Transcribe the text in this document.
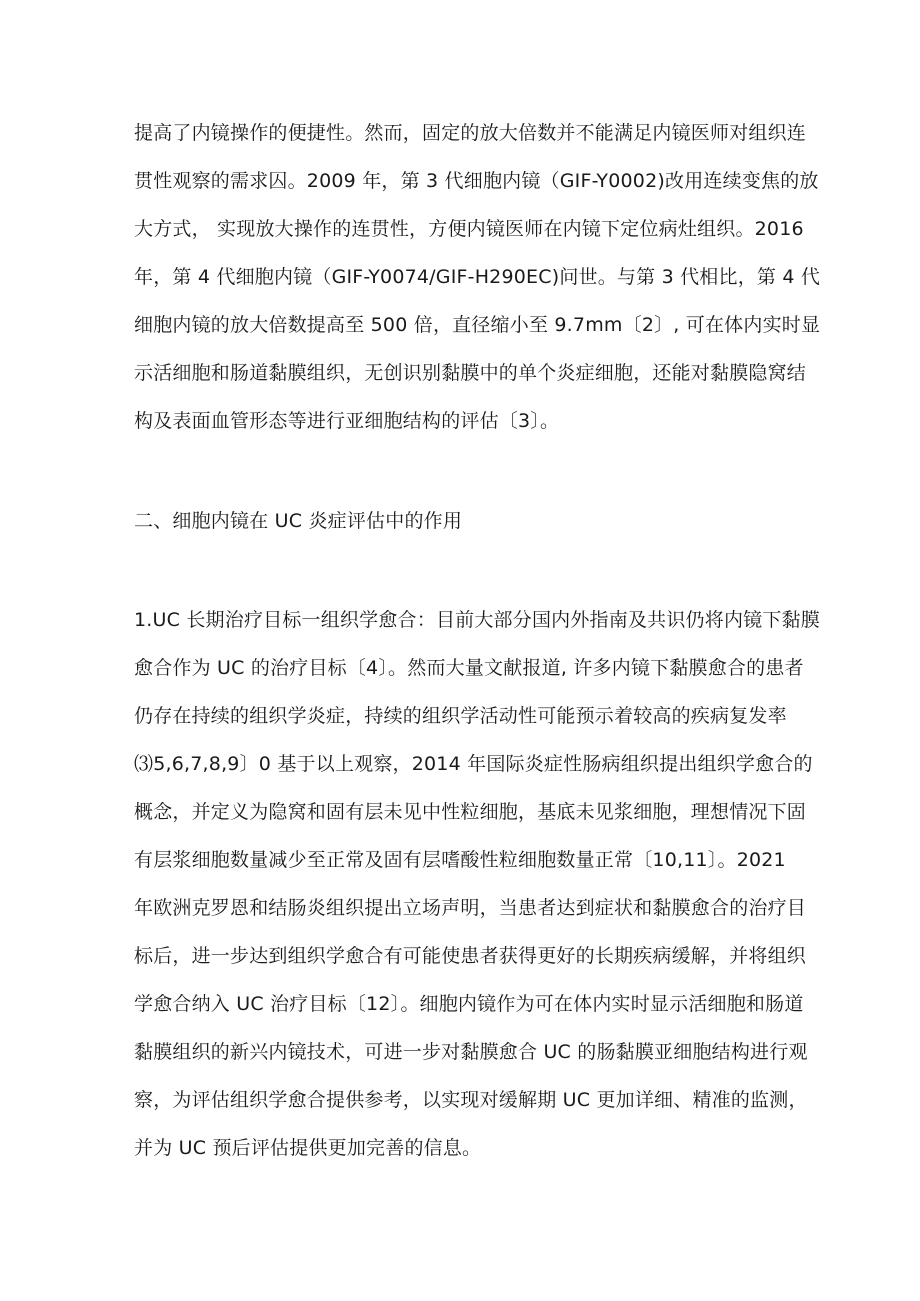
提高了内镜操作的便捷性。然而，固定的放大倍数并不能满足内镜医师对组织连
贯性观察的需求囚。2009 年，第 3 代细胞内镜（GIF-Y0002)改用连续变焦的放
大方式， 实现放大操作的连贯性，方便内镜医师在内镜下定位病灶组织。2016
年，第 4 代细胞内镜（GIF-Y0074/GIF-H290EC)问世。与第 3 代相比，第 4 代
细胞内镜的放大倍数提高至 500 倍，直径缩小至 9.7mm〔2〕, 可在体内实时显
示活细胞和肠道黏膜组织，无创识别黏膜中的单个炎症细胞，还能对黏膜隐窝结
构及表面血管形态等进行亚细胞结构的评估〔3〕。
二、细胞内镜在 UC 炎症评估中的作用
1.UC 长期治疗目标一组织学愈合：目前大部分国内外指南及共识仍将内镜下黏膜
愈合作为 UC 的治疗目标〔4〕。然而大量文献报道, 许多内镜下黏膜愈合的患者
仍存在持续的组织学炎症，持续的组织学活动性可能预示着较高的疾病复发率
⑶5,6,7,8,9〕0 基于以上观察，2014 年国际炎症性肠病组织提出组织学愈合的
概念，并定义为隐窝和固有层未见中性粒细胞，基底未见浆细胞，理想情况下固
有层浆细胞数量减少至正常及固有层嗜酸性粒细胞数量正常〔10,11〕。2021
年欧洲克罗恩和结肠炎组织提出立场声明，当患者达到症状和黏膜愈合的治疗目
标后，进一步达到组织学愈合有可能使患者获得更好的长期疾病缓解，并将组织
学愈合纳入 UC 治疗目标〔12〕。细胞内镜作为可在体内实时显示活细胞和肠道
黏膜组织的新兴内镜技术，可进一步对黏膜愈合 UC 的肠黏膜亚细胞结构进行观
察，为评估组织学愈合提供参考，以实现对缓解期 UC 更加详细、精准的监测，
并为 UC 预后评估提供更加完善的信息。
